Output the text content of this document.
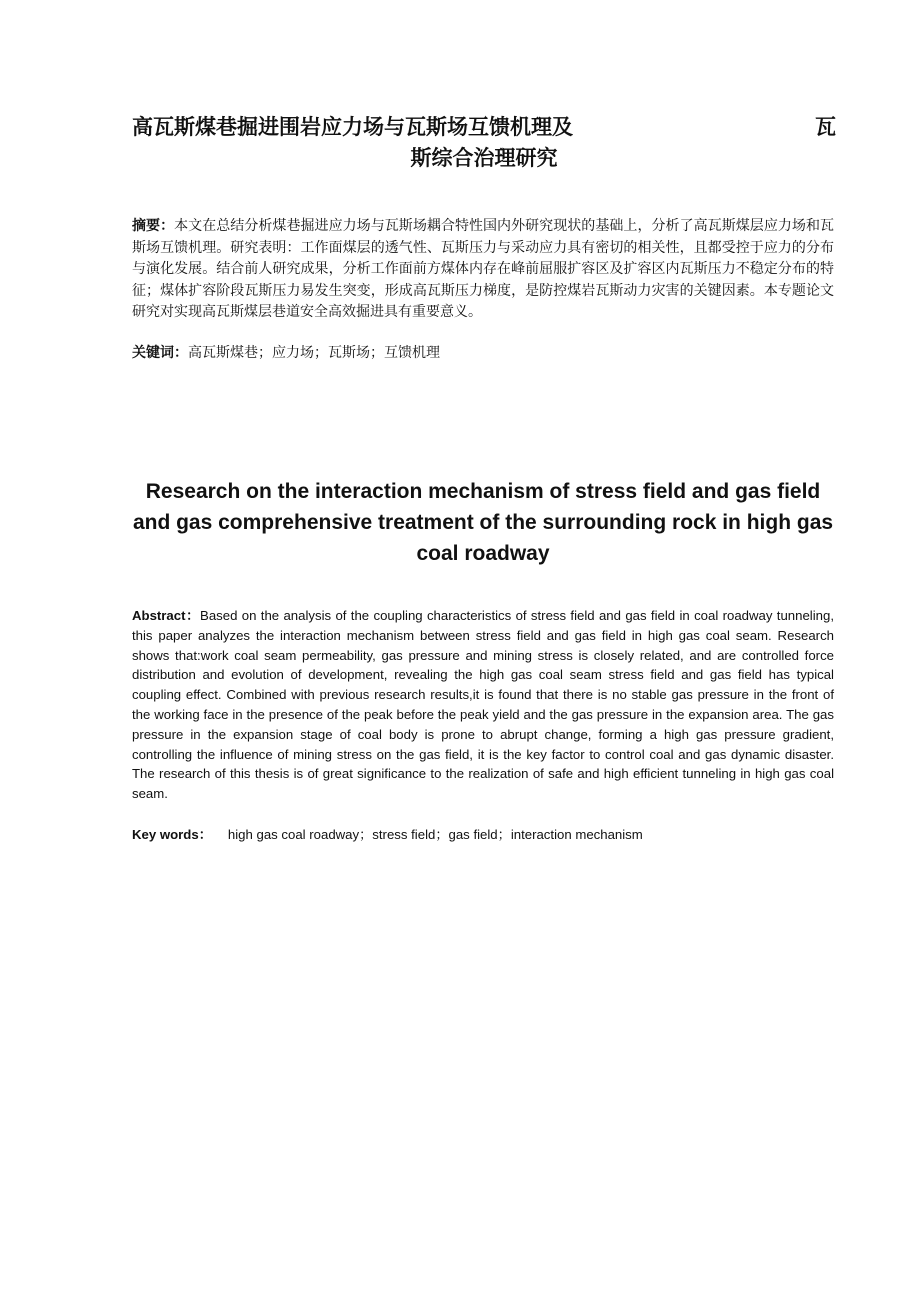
高瓦斯煤巷掘进围岩应力场与瓦斯场互馈机理及	瓦
斯综合治理研究
摘要：本文在总结分析煤巷掘进应力场与瓦斯场耦合特性国内外研究现状的基础上，分析了高瓦斯煤层应力场和瓦斯场互馈机理。研究表明：工作面煤层的透气性、瓦斯压力与采动应力具有密切的相关性，且都受控于应力的分布与演化发展。结合前人研究成果，分析工作面前方煤体内存在峰前屈服扩容区及扩容区内瓦斯压力不稳定分布的特征；煤体扩容阶段瓦斯压力易发生突变，形成高瓦斯压力梯度，是防控煤岩瓦斯动力灾害的关键因素。本专题论文研究对实现高瓦斯煤层巷道安全高效掘进具有重要意义。
关键词：高瓦斯煤巷；应力场；瓦斯场；互馈机理
Research on the interaction mechanism of stress field and gas field and gas comprehensive treatment of the surrounding rock in high gas coal roadway
Abstract：Based on the analysis of the coupling characteristics of stress field and gas field in coal roadway tunneling, this paper analyzes the interaction mechanism between stress field and gas field in high gas coal seam. Research shows that:work coal seam permeability, gas pressure and mining stress is closely related, and are controlled force distribution and evolution of development, revealing the high gas coal seam stress field and gas field has typical coupling effect. Combined with previous research results,it is found that there is no stable gas pressure in the front of the working face in the presence of the peak before the peak yield and the gas pressure in the expansion area. The gas pressure in the expansion stage of coal body is prone to abrupt change, forming a high gas pressure gradient, controlling the influence of mining stress on the gas field, it is the key factor to control coal and gas dynamic disaster. The research of this thesis is of great significance to the realization of safe and high efficient tunneling in high gas coal seam.
Key words： high gas coal roadway；stress field；gas field；interaction mechanism
